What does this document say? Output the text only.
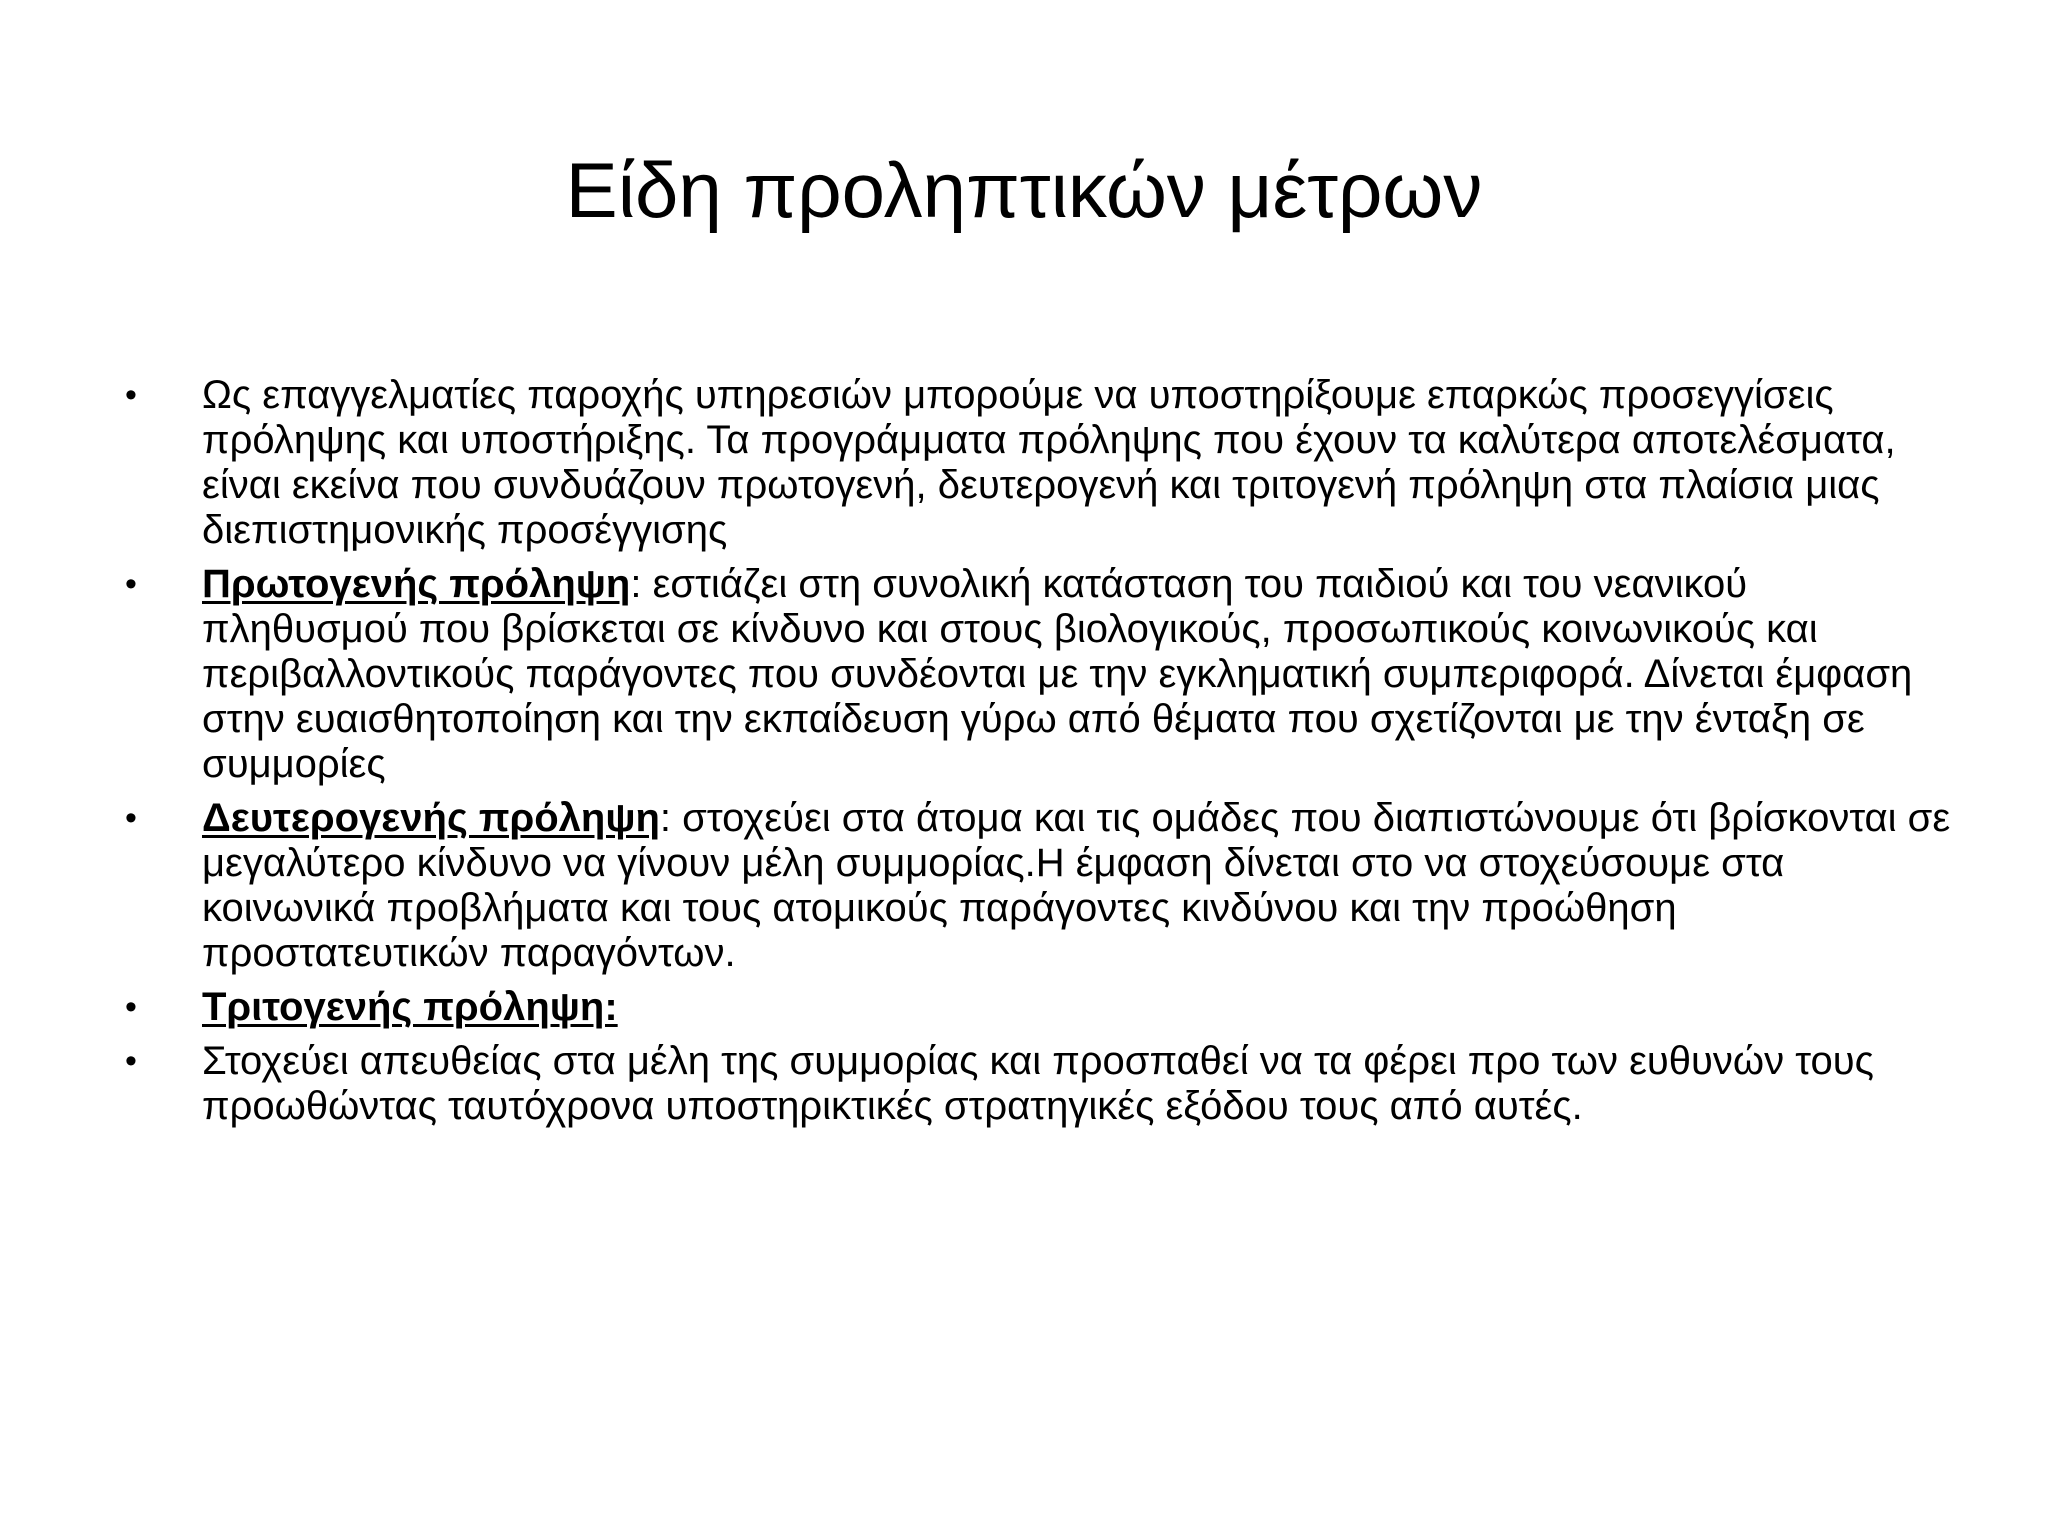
Είδη προληπτικών μέτρων
•	Ως επαγγελματίες παροχής υπηρεσιών μπορούμε να υποστηρίξουμε επαρκώς προσεγγίσεις πρόληψης και υποστήριξης. Τα προγράμματα πρόληψης που έχουν τα καλύτερα αποτελέσματα, είναι εκείνα που συνδυάζουν πρωτογενή, δευτερογενή και τριτογενή πρόληψη στα πλαίσια μιας διεπιστημονικής προσέγγισης
•	Πρωτογενής πρόληψη: εστιάζει στη συνολική κατάσταση του παιδιού και του νεανικού πληθυσμού που βρίσκεται σε κίνδυνο και στους βιολογικούς, προσωπικούς κοινωνικούς και περιβαλλοντικούς παράγοντες που συνδέονται με την εγκληματική συμπεριφορά. Δίνεται έμφαση στην ευαισθητοποίηση και την εκπαίδευση γύρω από θέματα που σχετίζονται με την ένταξη σε συμμορίες
•	Δευτερογενής πρόληψη: στοχεύει στα άτομα και τις ομάδες που διαπιστώνουμε ότι βρίσκονται σε μεγαλύτερο κίνδυνο να γίνουν μέλη συμμορίας.Η έμφαση δίνεται στο να στοχεύσουμε στα κοινωνικά προβλήματα και τους ατομικούς παράγοντες κινδύνου και την προώθηση προστατευτικών παραγόντων.
•	Τριτογενής πρόληψη:
•	Στοχεύει απευθείας στα μέλη της συμμορίας και προσπαθεί να τα φέρει προ των ευθυνών τους προωθώντας ταυτόχρονα υποστηρικτικές στρατηγικές εξόδου τους από αυτές.
